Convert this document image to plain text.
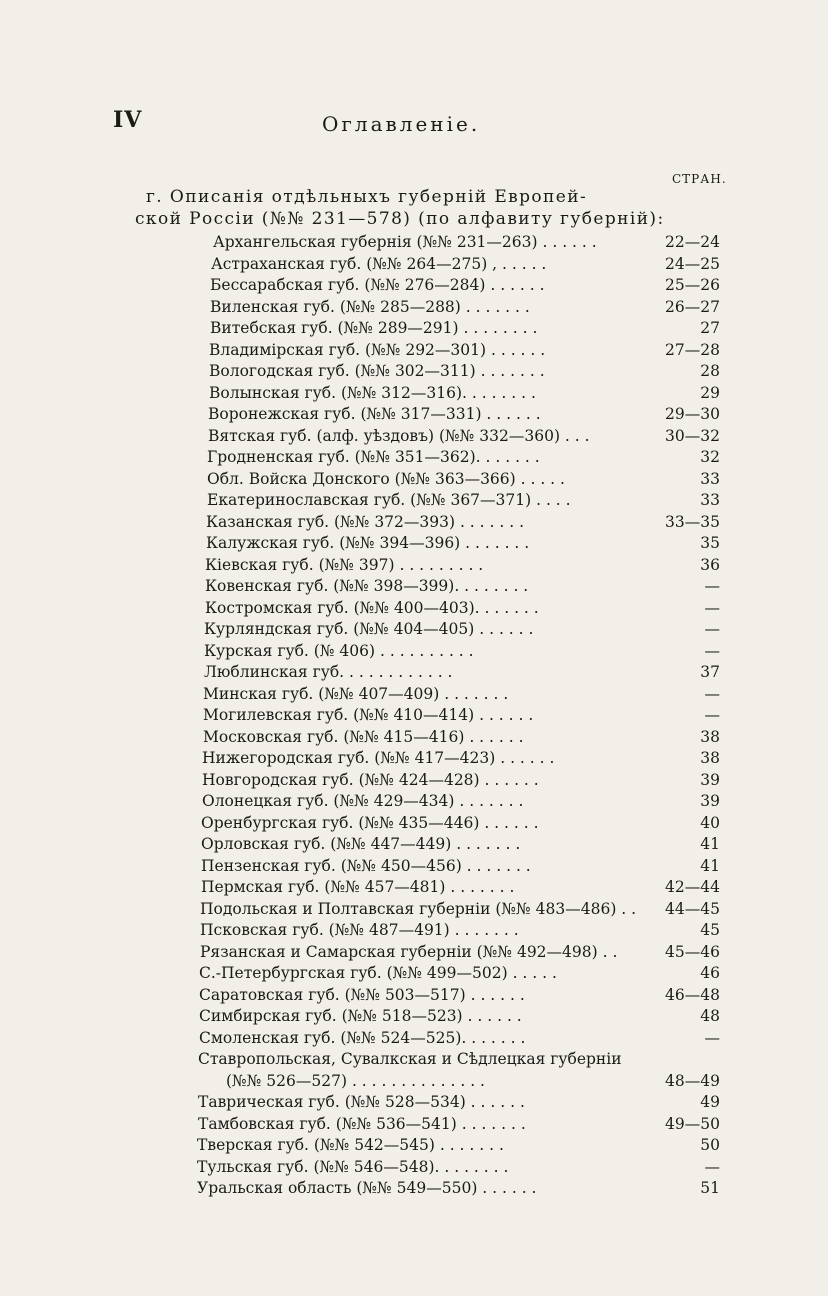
IV	Оглавленіе.
СТРАН.
г. Описанія отдѣльныхъ губерній Европей-
ской Россіи (№№ 231—578) (по алфавиту губерній):
Архангельская губернія (№№ 231—263) . . . . . .	22—24
Астраханская губ. (№№ 264—275) , . . . . .	24—25
Бессарабская губ. (№№ 276—284) . . . . . .	25—26
Виленская губ. (№№ 285—288) . . . . . . .	26—27
Витебская губ. (№№ 289—291) . . . . . . . .	27
Владимірская губ. (№№ 292—301) . . . . . .	27—28
Вологодская губ. (№№ 302—311) . . . . . . .	28
Волынская губ. (№№ 312—316). . . . . . . .	29
Воронежская губ. (№№ 317—331) . . . . . .	29—30
Вятская губ. (алф. уѣздовъ) (№№ 332—360) . . .	30—32
Гродненская губ. (№№ 351—362). . . . . . .	32
Обл. Войска Донского (№№ 363—366) . . . . .	33
Екатеринославская губ. (№№ 367—371) . . . .	33
Казанская губ. (№№ 372—393) . . . . . . .	33—35
Калужская губ. (№№ 394—396) . . . . . . .	35
Кіевская губ. (№№ 397) . . . . . . . . .	36
Ковенская губ. (№№ 398—399). . . . . . . .	—
Костромская губ. (№№ 400—403). . . . . . .	—
Курляндская губ. (№№ 404—405) . . . . . .	—
Курская губ. (№ 406) . . . . . . . . . .	—
Люблинская губ. . . . . . . . . . . .	37
Минская губ. (№№ 407—409) . . . . . . .	—
Могилевская губ. (№№ 410—414) . . . . . .	—
Московская губ. (№№ 415—416) . . . . . .	38
Нижегородская губ. (№№ 417—423) . . . . . .	38
Новгородская губ. (№№ 424—428) . . . . . .	39
Олонецкая губ. (№№ 429—434) . . . . . . .	39
Оренбургская губ. (№№ 435—446) . . . . . .	40
Орловская губ. (№№ 447—449) . . . . . . .	41
Пензенская губ. (№№ 450—456) . . . . . . .	41
Пермская губ. (№№ 457—481) . . . . . . .	42—44
Подольская и Полтавская губерніи (№№ 483—486) . .	44—45
Псковская губ. (№№ 487—491) . . . . . . .	45
Рязанская и Самарская губерніи (№№ 492—498) . .	45—46
С.-Петербургская губ. (№№ 499—502) . . . . .	46
Саратовская губ. (№№ 503—517) . . . . . .	46—48
Симбирская губ. (№№ 518—523) . . . . . .	48
Смоленская губ. (№№ 524—525). . . . . . .	—
Ставропольская, Сувалкская и Сѣдлецкая губерніи
(№№ 526—527) . . . . . . . . . . . . . .	48—49
Таврическая губ. (№№ 528—534) . . . . . .	49
Тамбовская губ. (№№ 536—541) . . . . . . .	49—50
Тверская губ. (№№ 542—545) . . . . . . .	50
Тульская губ. (№№ 546—548). . . . . . . .	—
Уральская область (№№ 549—550) . . . . . .	51
